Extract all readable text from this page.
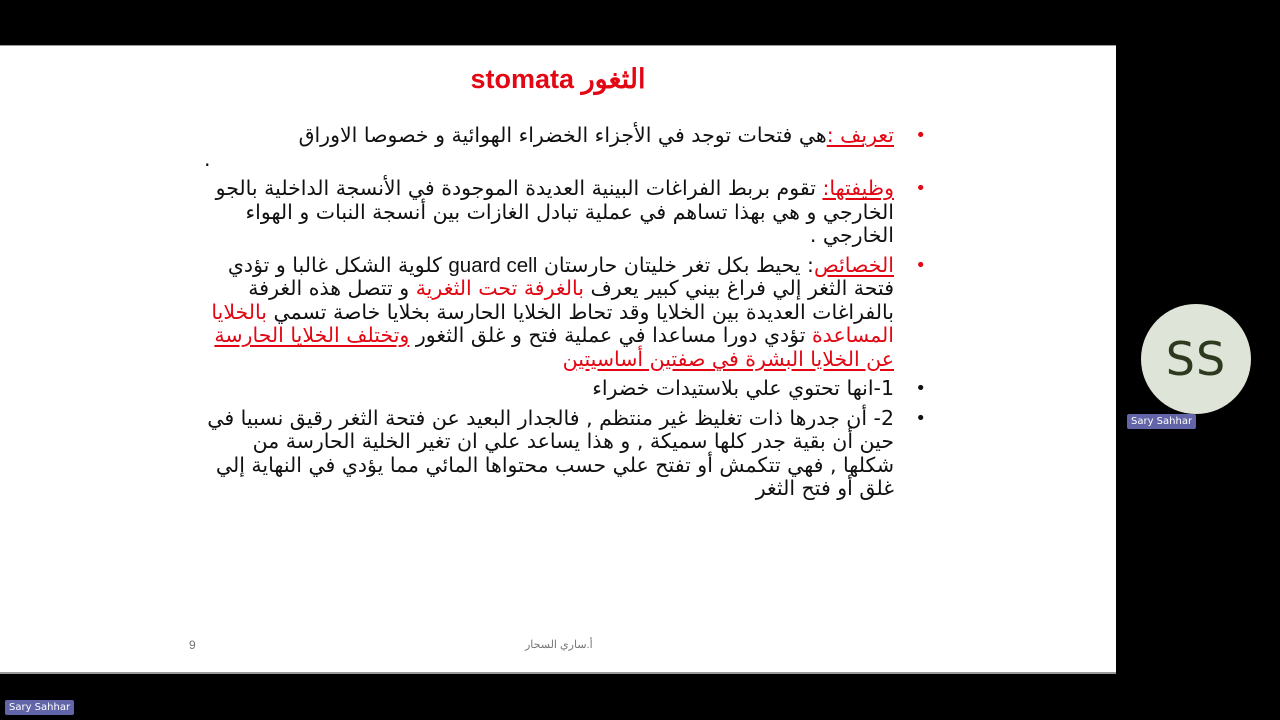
الثغور stomata
•
تعريف :هي فتحات توجد في الأجزاء الخضراء الهوائية و خصوصا الاوراق
.
•
وظيفتها: تقوم بربط الفراغات البينية العديدة الموجودة في الأنسجة الداخلية بالجو الخارجي و هي بهذا تساهم في عملية تبادل الغازات بين أنسجة النبات و الهواء الخارجي .
•
الخصائص: يحيط بكل تغر خليتان حارستان guard cell كلوية الشكل غالبا و تؤدي فتحة الثغر إلي فراغ بيني كبير يعرف بالغرفة تحت الثغرية و تتصل هذه الغرفة بالفراغات العديدة بين الخلايا وقد تحاط الخلايا الحارسة بخلايا خاصة تسمي بالخلايا المساعدة تؤدي دورا مساعدا في عملية فتح و غلق الثغور وتختلف الخلايا الحارسة عن الخلايا البشرة في صفتين أساسيتين
•
1-انها تحتوي علي بلاستيدات خضراء
•
2- أن جدرها ذات تغليظ غير منتظم , فالجدار البعيد عن فتحة الثغر رقيق نسبيا في حين أن بقية جدر كلها سميكة , و هذا يساعد علي ان تغير الخلية الحارسة من شكلها , فهي تتكمش أو تفتح علي حسب محتواها المائي مما يؤدي في النهاية إلي غلق أو فتح الثغر
9	أ.ساري السحار
SS
Sary Sahhar
Sary Sahhar
